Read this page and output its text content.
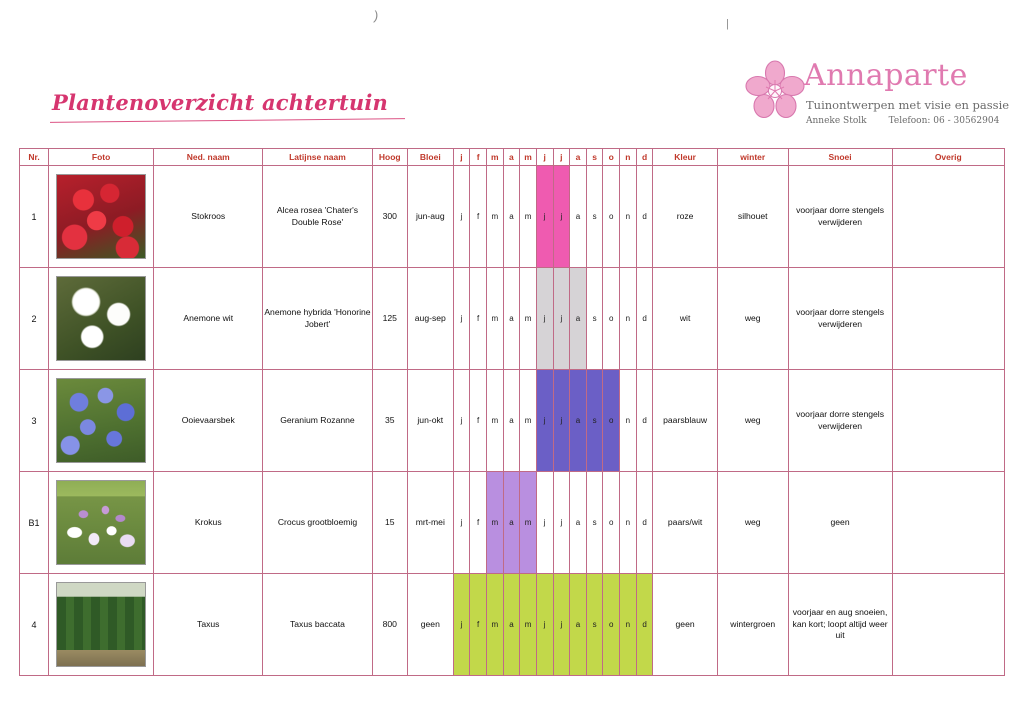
)
|
Plantenoverzicht achtertuin
Annaparte
Tuinontwerpen met visie en passie
Anneke Stolk Telefoon: 06 - 30562904
Nr.	Foto	Ned. naam	Latijnse naam	Hoog	Bloei	j	f	m	a	m	j	j	a	s	o	n	d	Kleur	winter	Snoei	Overig
1		Stokroos	Alcea rosea 'Chater's Double Rose'	300	jun-aug	j	f	m	a	m	j	j	a	s	o	n	d	roze	silhouet	voorjaar dorre stengels verwijderen	
2		Anemone wit	Anemone hybrida 'Honorine Jobert'	125	aug-sep	j	f	m	a	m	j	j	a	s	o	n	d	wit	weg	voorjaar dorre stengels verwijderen	
3		Ooievaarsbek	Geranium Rozanne	35	jun-okt	j	f	m	a	m	j	j	a	s	o	n	d	paarsblauw	weg	voorjaar dorre stengels verwijderen	
B1		Krokus	Crocus grootbloemig	15	mrt-mei	j	f	m	a	m	j	j	a	s	o	n	d	paars/wit	weg	geen	
4		Taxus	Taxus baccata	800	geen	j	f	m	a	m	j	j	a	s	o	n	d	geen	wintergroen	voorjaar en aug snoeien, kan kort; loopt altijd weer uit	
